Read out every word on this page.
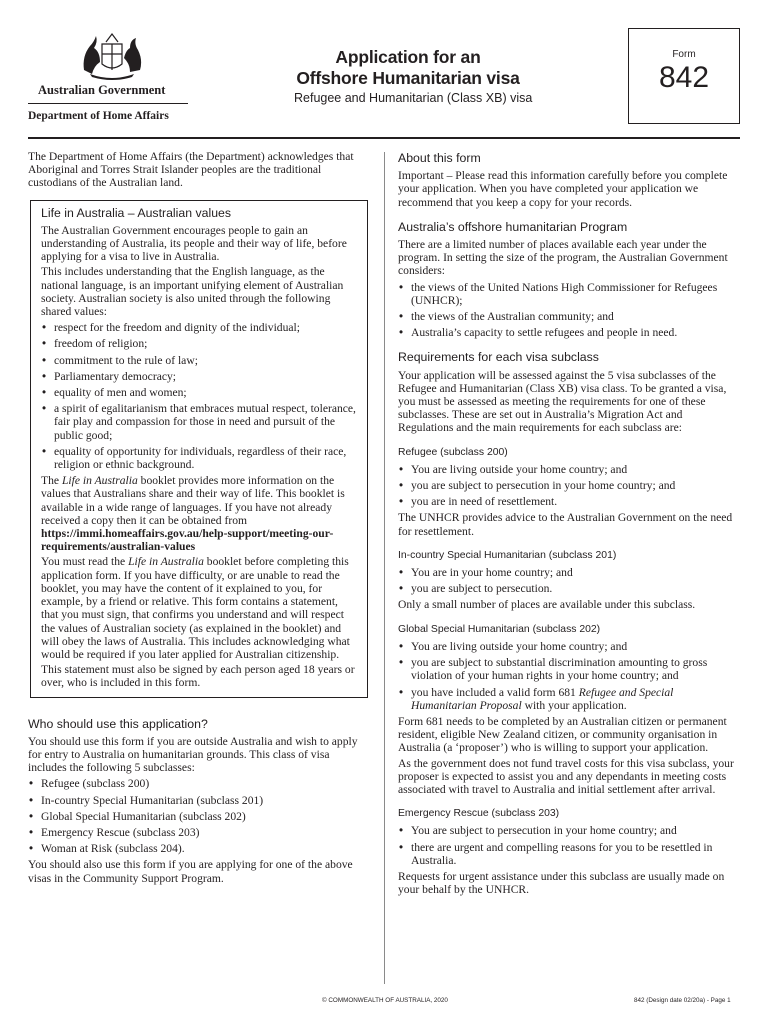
Australian Government
Department of Home Affairs
Application for an
Offshore Humanitarian visa
Refugee and Humanitarian (Class XB) visa
Form
842

The Department of Home Affairs (the Department) acknowledges that Aboriginal and Torres Strait Islander peoples are the traditional custodians of the Australian land.

Life in Australia – Australian values

The Australian Government encourages people to gain an understanding of Australia, its people and their way of life, before applying for a visa to live in Australia.

This includes understanding that the English language, as the national language, is an important unifying element of Australian society. Australian society is also united through the following shared values:

• respect for the freedom and dignity of the individual;
• freedom of religion;
• commitment to the rule of law;
• Parliamentary democracy;
• equality of men and women;
• a spirit of egalitarianism that embraces mutual respect, tolerance, fair play and compassion for those in need and pursuit of the public good;
• equality of opportunity for individuals, regardless of their race, religion or ethnic background.

The Life in Australia booklet provides more information on the values that Australians share and their way of life. This booklet is available in a wide range of languages. If you have not already received a copy then it can be obtained from
https://immi.homeaffairs.gov.au/help-support/meeting-our-requirements/australian-values

You must read the Life in Australia booklet before completing this application form. If you have difficulty, or are unable to read the booklet, you may have the content of it explained to you, for example, by a friend or relative. This form contains a statement, that you must sign, that confirms you understand and will respect the values of Australian society (as explained in the booklet) and will obey the laws of Australia. This includes acknowledging what would be required if you later applied for Australian citizenship.

This statement must also be signed by each person aged 18 years or over, who is included in this form.

Who should use this application?

You should use this form if you are outside Australia and wish to apply for entry to Australia on humanitarian grounds. This class of visa includes the following 5 subclasses:

• Refugee (subclass 200)
• In-country Special Humanitarian (subclass 201)
• Global Special Humanitarian (subclass 202)
• Emergency Rescue (subclass 203)
• Woman at Risk (subclass 204).

You should also use this form if you are applying for one of the above visas in the Community Support Program.

About this form

Important – Please read this information carefully before you complete your application. When you have completed your application we recommend that you keep a copy for your records.

Australia’s offshore humanitarian Program

There are a limited number of places available each year under the program. In setting the size of the program, the Australian Government considers:

• the views of the United Nations High Commissioner for Refugees (UNHCR);
• the views of the Australian community; and
• Australia’s capacity to settle refugees and people in need.
Requirements for each visa subclass

Your application will be assessed against the 5 visa subclasses of the Refugee and Humanitarian (Class XB) visa class. To be granted a visa, you must be assessed as meeting the requirements for one of these subclasses. These are set out in Australia’s Migration Act and Regulations and the main requirements for each subclass are:

Refugee (subclass 200)
• You are living outside your home country; and
• you are subject to persecution in your home country; and
• you are in need of resettlement.

The UNHCR provides advice to the Australian Government on the need for resettlement.

In-country Special Humanitarian (subclass 201)
• You are in your home country; and
• you are subject to persecution.

Only a small number of places are available under this subclass.

Global Special Humanitarian (subclass 202)
• You are living outside your home country; and
• you are subject to substantial discrimination amounting to gross violation of your human rights in your home country; and
• you have included a valid form 681 Refugee and Special Humanitarian Proposal with your application.

Form 681 needs to be completed by an Australian citizen or permanent resident, eligible New Zealand citizen, or community organisation in Australia (a ‘proposer’) who is willing to support your application.

As the government does not fund travel costs for this visa subclass, your proposer is expected to assist you and any dependants in meeting costs associated with travel to Australia and initial settlement after arrival.

Emergency Rescue (subclass 203)
• You are subject to persecution in your home country; and
• there are urgent and compelling reasons for you to be resettled in Australia.

Requests for urgent assistance under this subclass are usually made on your behalf by the UNHCR.

© COMMONWEALTH OF AUSTRALIA, 2020	842 (Design date 02/20a) - Page 1
